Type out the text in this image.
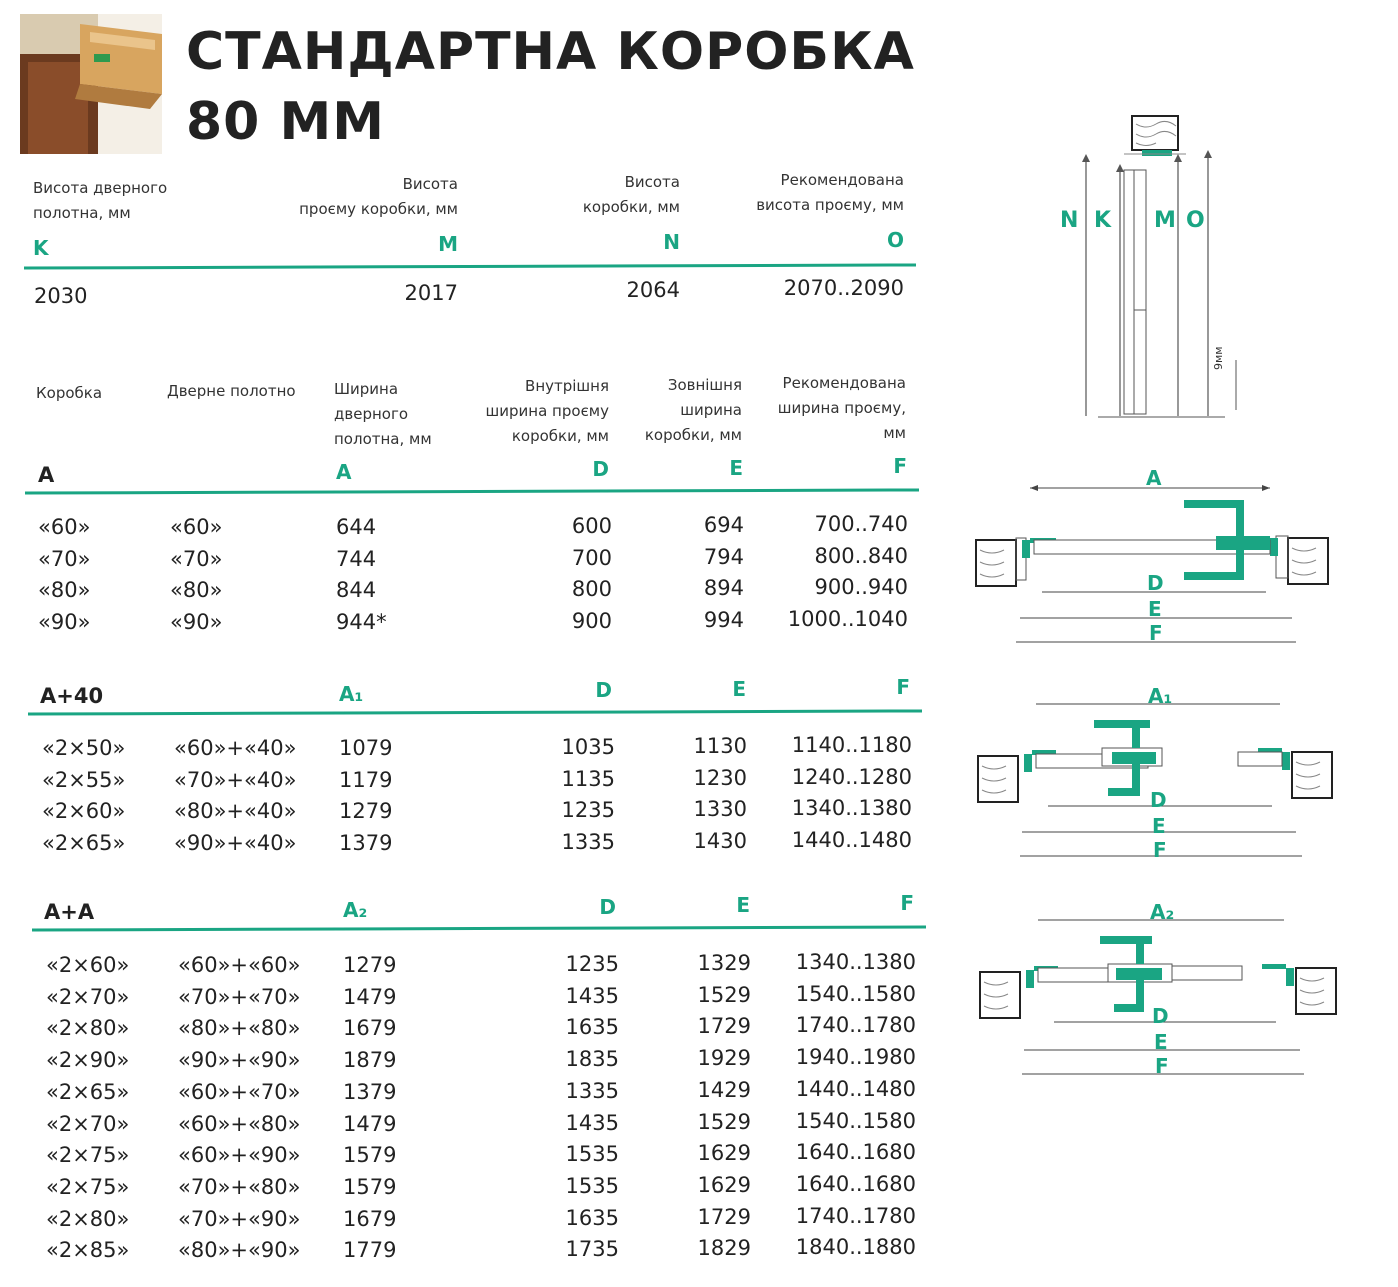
СТАНДАРТНА КОРОБКА
80 ММ
Висота дверного
полотна, мм
K
Висота
проєму коробки, мм
M
Висота
коробки, мм
N
Рекомендована
висота проєму, мм
O
2030	2017	2064	2070..2090
Коробка	Дверне полотно	Ширина
дверного
полотна, мм
Внутрішня
ширина проєму
коробки, мм
Зовнішня
ширина
коробки, мм
Рекомендована
ширина проєму,
мм
A	A	D	E	F
«60»	«60»	644	600	694	700..740
«70»	«70»	744	700	794	800..840
«80»	«80»	844	800	894	900..940
«90»	«90»	944*	900	994	1000..1040
A+40	A₁	D	E	F
«2×50» «60»+«40» 1079	1035	1130	1140..1180
«2×55» «70»+«40» 1179	1135	1230	1240..1280
«2×60» «80»+«40» 1279	1235	1330	1340..1380
«2×65» «90»+«40» 1379	1335	1430	1440..1480
A+A	A₂	D	E	F
«2×60» «60»+«60» 1279	1235	1329	1340..1380
«2×70» «70»+«70» 1479	1435	1529	1540..1580
«2×80» «80»+«80» 1679	1635	1729	1740..1780
«2×90» «90»+«90» 1879	1835	1929	1940..1980
«2×65» «60»+«70» 1379	1335	1429	1440..1480
«2×70» «60»+«80» 1479	1435	1529	1540..1580
«2×75» «60»+«90» 1579	1535	1629	1640..1680
«2×75» «70»+«80» 1579	1535	1629	1640..1680
«2×80» «70»+«90» 1679	1635	1729	1740..1780
«2×85» «80»+«90» 1779	1735	1829	1840..1880
N K M O
9мм
A
D
E
F
A₁
D
E
F
A₂
D
E
F
